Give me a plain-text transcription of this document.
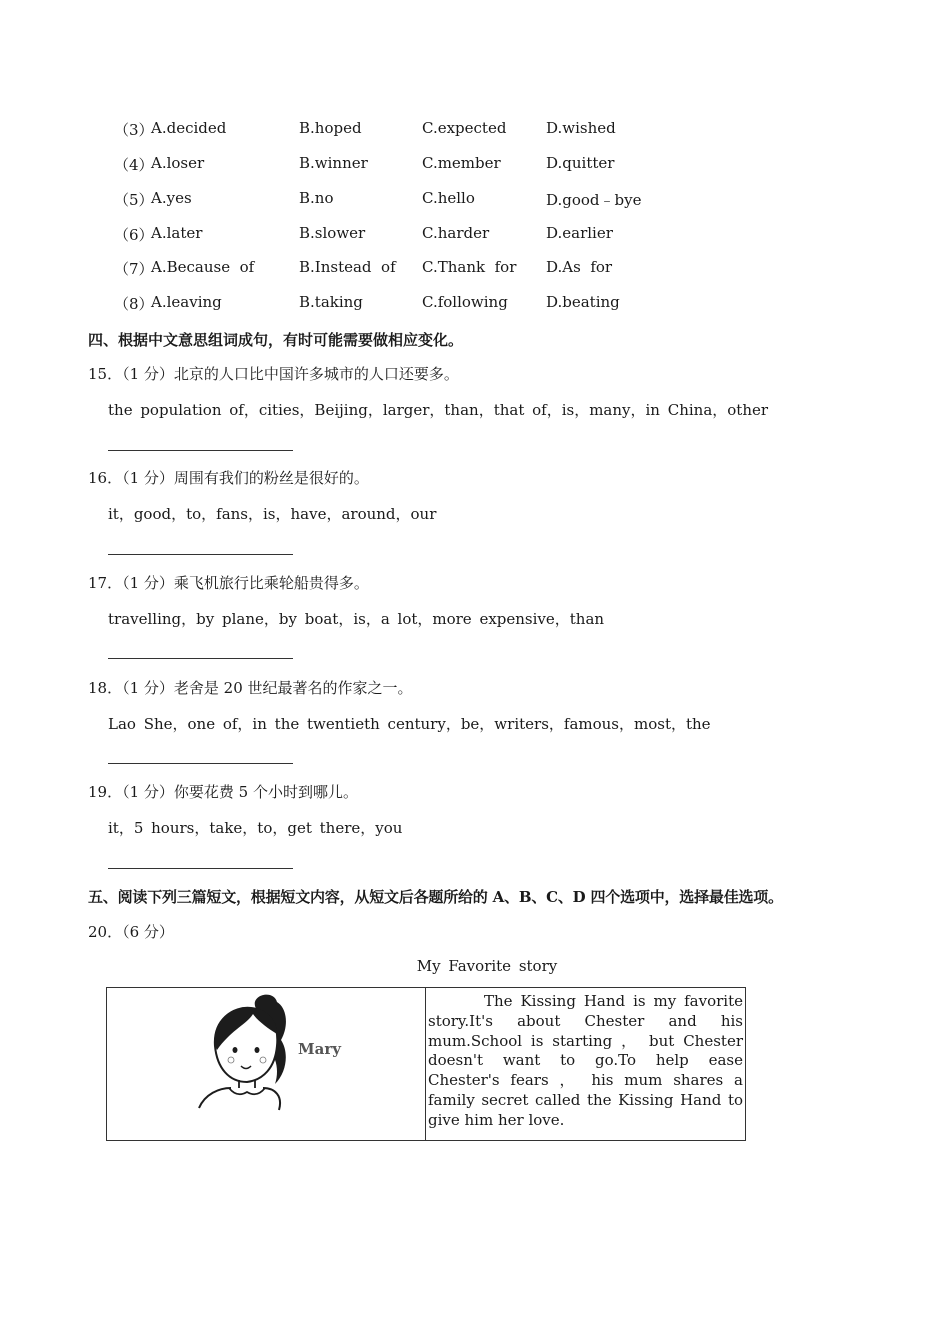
（3）
A.decided	B.hoped	C.expected	D.wished
（4）
A.loser	B.winner	C.member	D.quitter
（5）
A.yes	B.no	C.hello	D.good﹣bye
（6）
A.later	B.slower	C.harder	D.earlier
（7）
A.Because  of	B.Instead  of C.Thank  for D.As  for
（8）
A.leaving	B.taking	C.following	D.beating
四、根据中文意思组词成句，有时可能需要做相应变化。
15．（1 分）北京的人口比中国许多城市的人口还要多。
the population of，cities，Beijing，larger，than，that of，is，many，in China，other
16．（1 分）周围有我们的粉丝是很好的。
it，good，to，fans，is，have，around，our
17．（1 分）乘飞机旅行比乘轮船贵得多。
travelling，by plane，by boat，is，a lot，more expensive，than
18．（1 分）老舍是 20 世纪最著名的作家之一。
Lao She，one of，in the twentieth century，be，writers，famous，most，the
19．（1 分）你要花费 5 个小时到哪儿。
it，5 hours，take，to，get there，you
五、阅读下列三篇短文，根据短文内容，从短文后各题所给的 A、B、C、D 四个选项中，选择最佳选项。
20．（6 分）
My Favorite story
Mary
	The Kissing Hand is my favorite story.It's about Chester and his mum.School is starting ， but Chester doesn't want to go.To help ease Chester's fears ， his mum shares a family secret called the Kissing Hand to give him her love.
